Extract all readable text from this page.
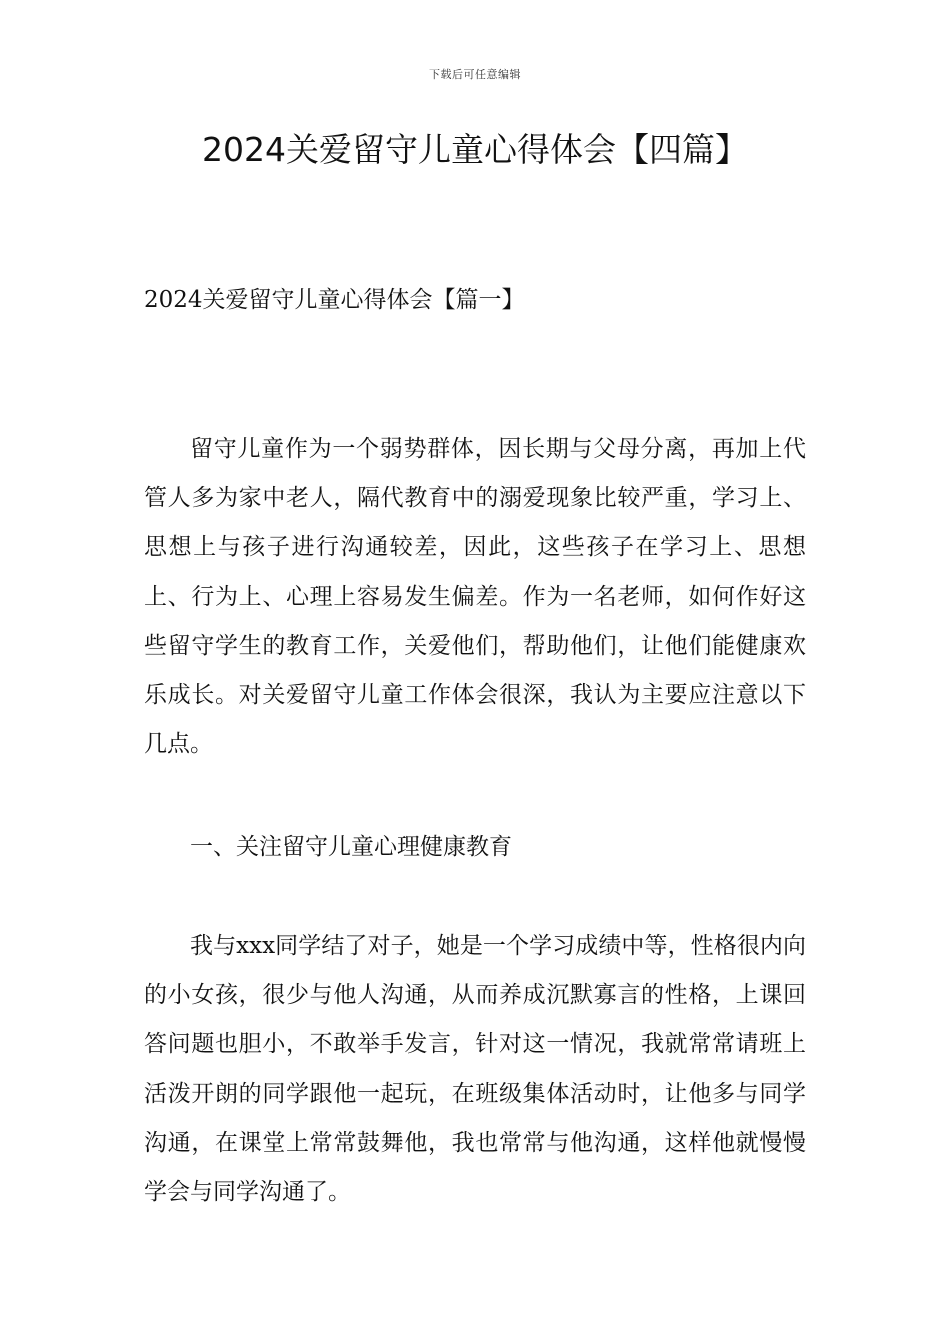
下载后可任意编辑
2024关爱留守儿童心得体会【四篇】
2024关爱留守儿童心得体会【篇一】

留守儿童作为一个弱势群体，因长期与父母分离，再加上代管人多为家中老人，隔代教育中的溺爱现象比较严重，学习上、思想上与孩子进行沟通较差，因此，这些孩子在学习上、思想上、行为上、心理上容易发生偏差。作为一名老师，如何作好这些留守学生的教育工作，关爱他们，帮助他们，让他们能健康欢乐成长。对关爱留守儿童工作体会很深，我认为主要应注意以下几点。

一、关注留守儿童心理健康教育

我与xxx同学结了对子，她是一个学习成绩中等，性格很内向的小女孩，很少与他人沟通，从而养成沉默寡言的性格，上课回答问题也胆小，不敢举手发言，针对这一情况，我就常常请班上活泼开朗的同学跟他一起玩，在班级集体活动时，让他多与同学沟通，在课堂上常常鼓舞他，我也常常与他沟通，这样他就慢慢学会与同学沟通了。
